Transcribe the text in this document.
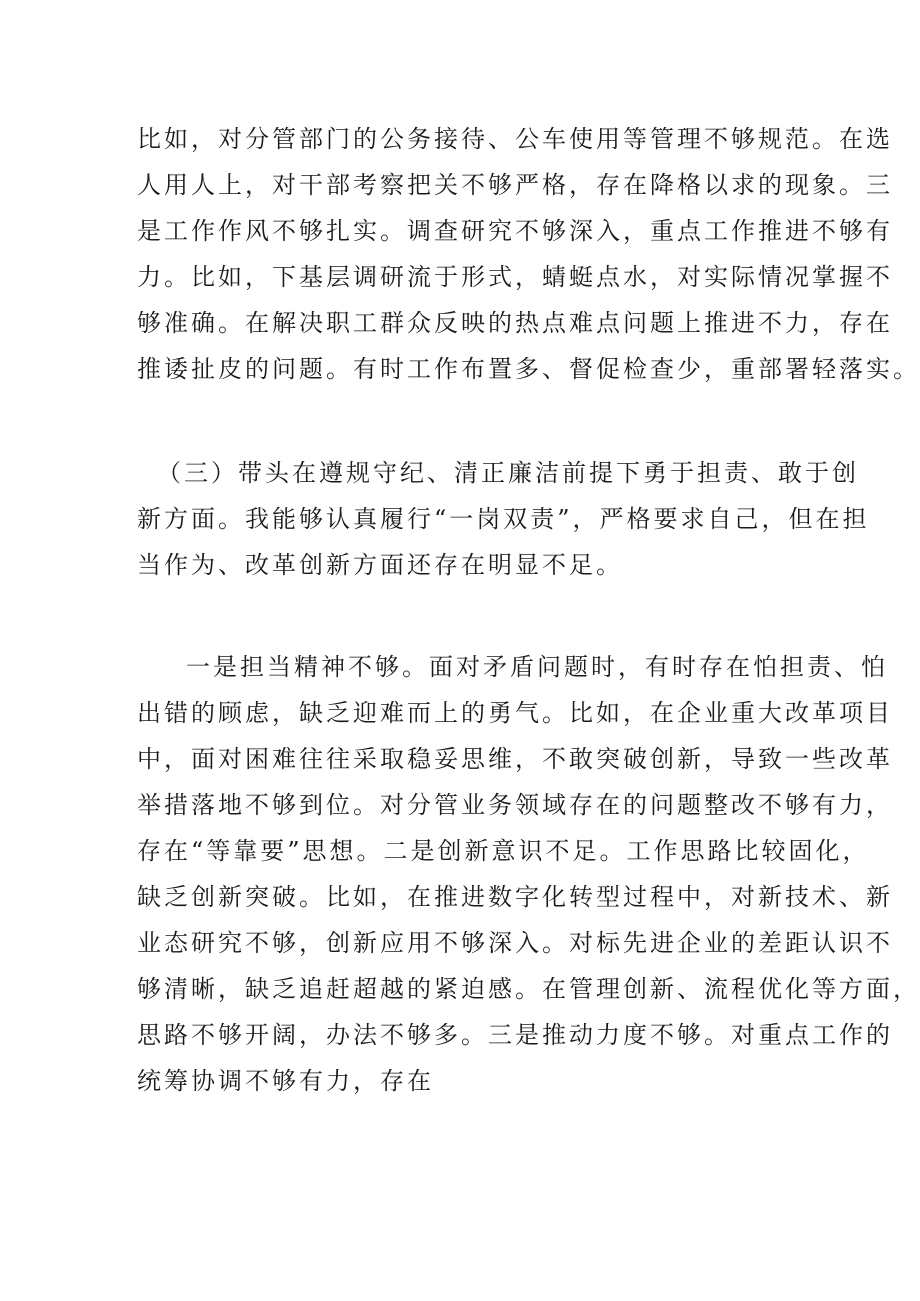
比如，对分管部门的公务接待、公车使用等管理不够规范。在选
人用人上，对干部考察把关不够严格，存在降格以求的现象。三
是工作作风不够扎实。调查研究不够深入，重点工作推进不够有
力。比如，下基层调研流于形式，蜻蜓点水，对实际情况掌握不
够准确。在解决职工群众反映的热点难点问题上推进不力，存在
推诿扯皮的问题。有时工作布置多、督促检查少，重部署轻落实。
（三）带头在遵规守纪、清正廉洁前提下勇于担责、敢于创
新方面。我能够认真履行“一岗双责”，严格要求自己，但在担
当作为、改革创新方面还存在明显不足。
一是担当精神不够。面对矛盾问题时，有时存在怕担责、怕
出错的顾虑，缺乏迎难而上的勇气。比如，在企业重大改革项目
中，面对困难往往采取稳妥思维，不敢突破创新，导致一些改革
举措落地不够到位。对分管业务领域存在的问题整改不够有力，
存在“等靠要”思想。二是创新意识不足。工作思路比较固化，
缺乏创新突破。比如，在推进数字化转型过程中，对新技术、新
业态研究不够，创新应用不够深入。对标先进企业的差距认识不
够清晰，缺乏追赶超越的紧迫感。在管理创新、流程优化等方面，
思路不够开阔，办法不够多。三是推动力度不够。对重点工作的
统筹协调不够有力，存在
